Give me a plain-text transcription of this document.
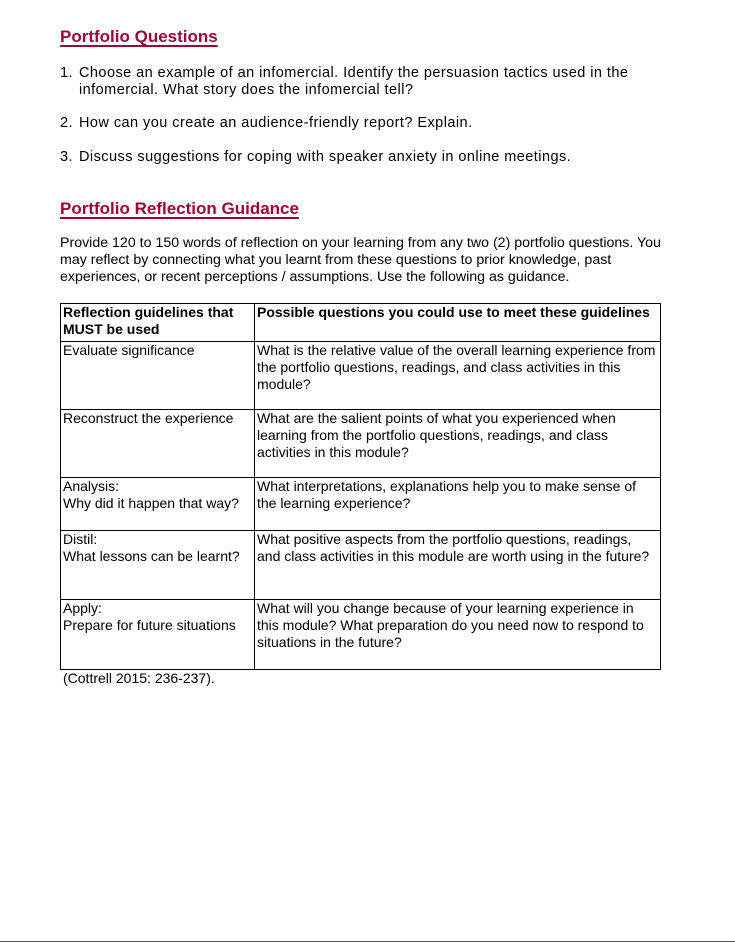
Portfolio Questions
1. Choose an example of an infomercial. Identify the persuasion tactics used in the infomercial. What story does the infomercial tell?
2. How can you create an audience-friendly report? Explain.
3. Discuss suggestions for coping with speaker anxiety in online meetings.
Portfolio Reflection Guidance
Provide 120 to 150 words of reflection on your learning from any two (2) portfolio questions. You may reflect by connecting what you learnt from these questions to prior knowledge, past experiences, or recent perceptions / assumptions. Use the following as guidance.
Reflection guidelines that MUST be used	Possible questions you could use to meet these guidelines

Evaluate significance	What is the relative value of the overall learning experience from the portfolio questions, readings, and class activities in this module?

Reconstruct the experience	What are the salient points of what you experienced when learning from the portfolio questions, readings, and class activities in this module?

Analysis:
Why did it happen that way?	What interpretations, explanations help you to make sense of the learning experience?

Distil:
What lessons can be learnt?	What positive aspects from the portfolio questions, readings, and class activities in this module are worth using in the future?

Apply:
Prepare for future situations	What will you change because of your learning experience in this module? What preparation do you need now to respond to situations in the future?
(Cottrell 2015: 236-237).
